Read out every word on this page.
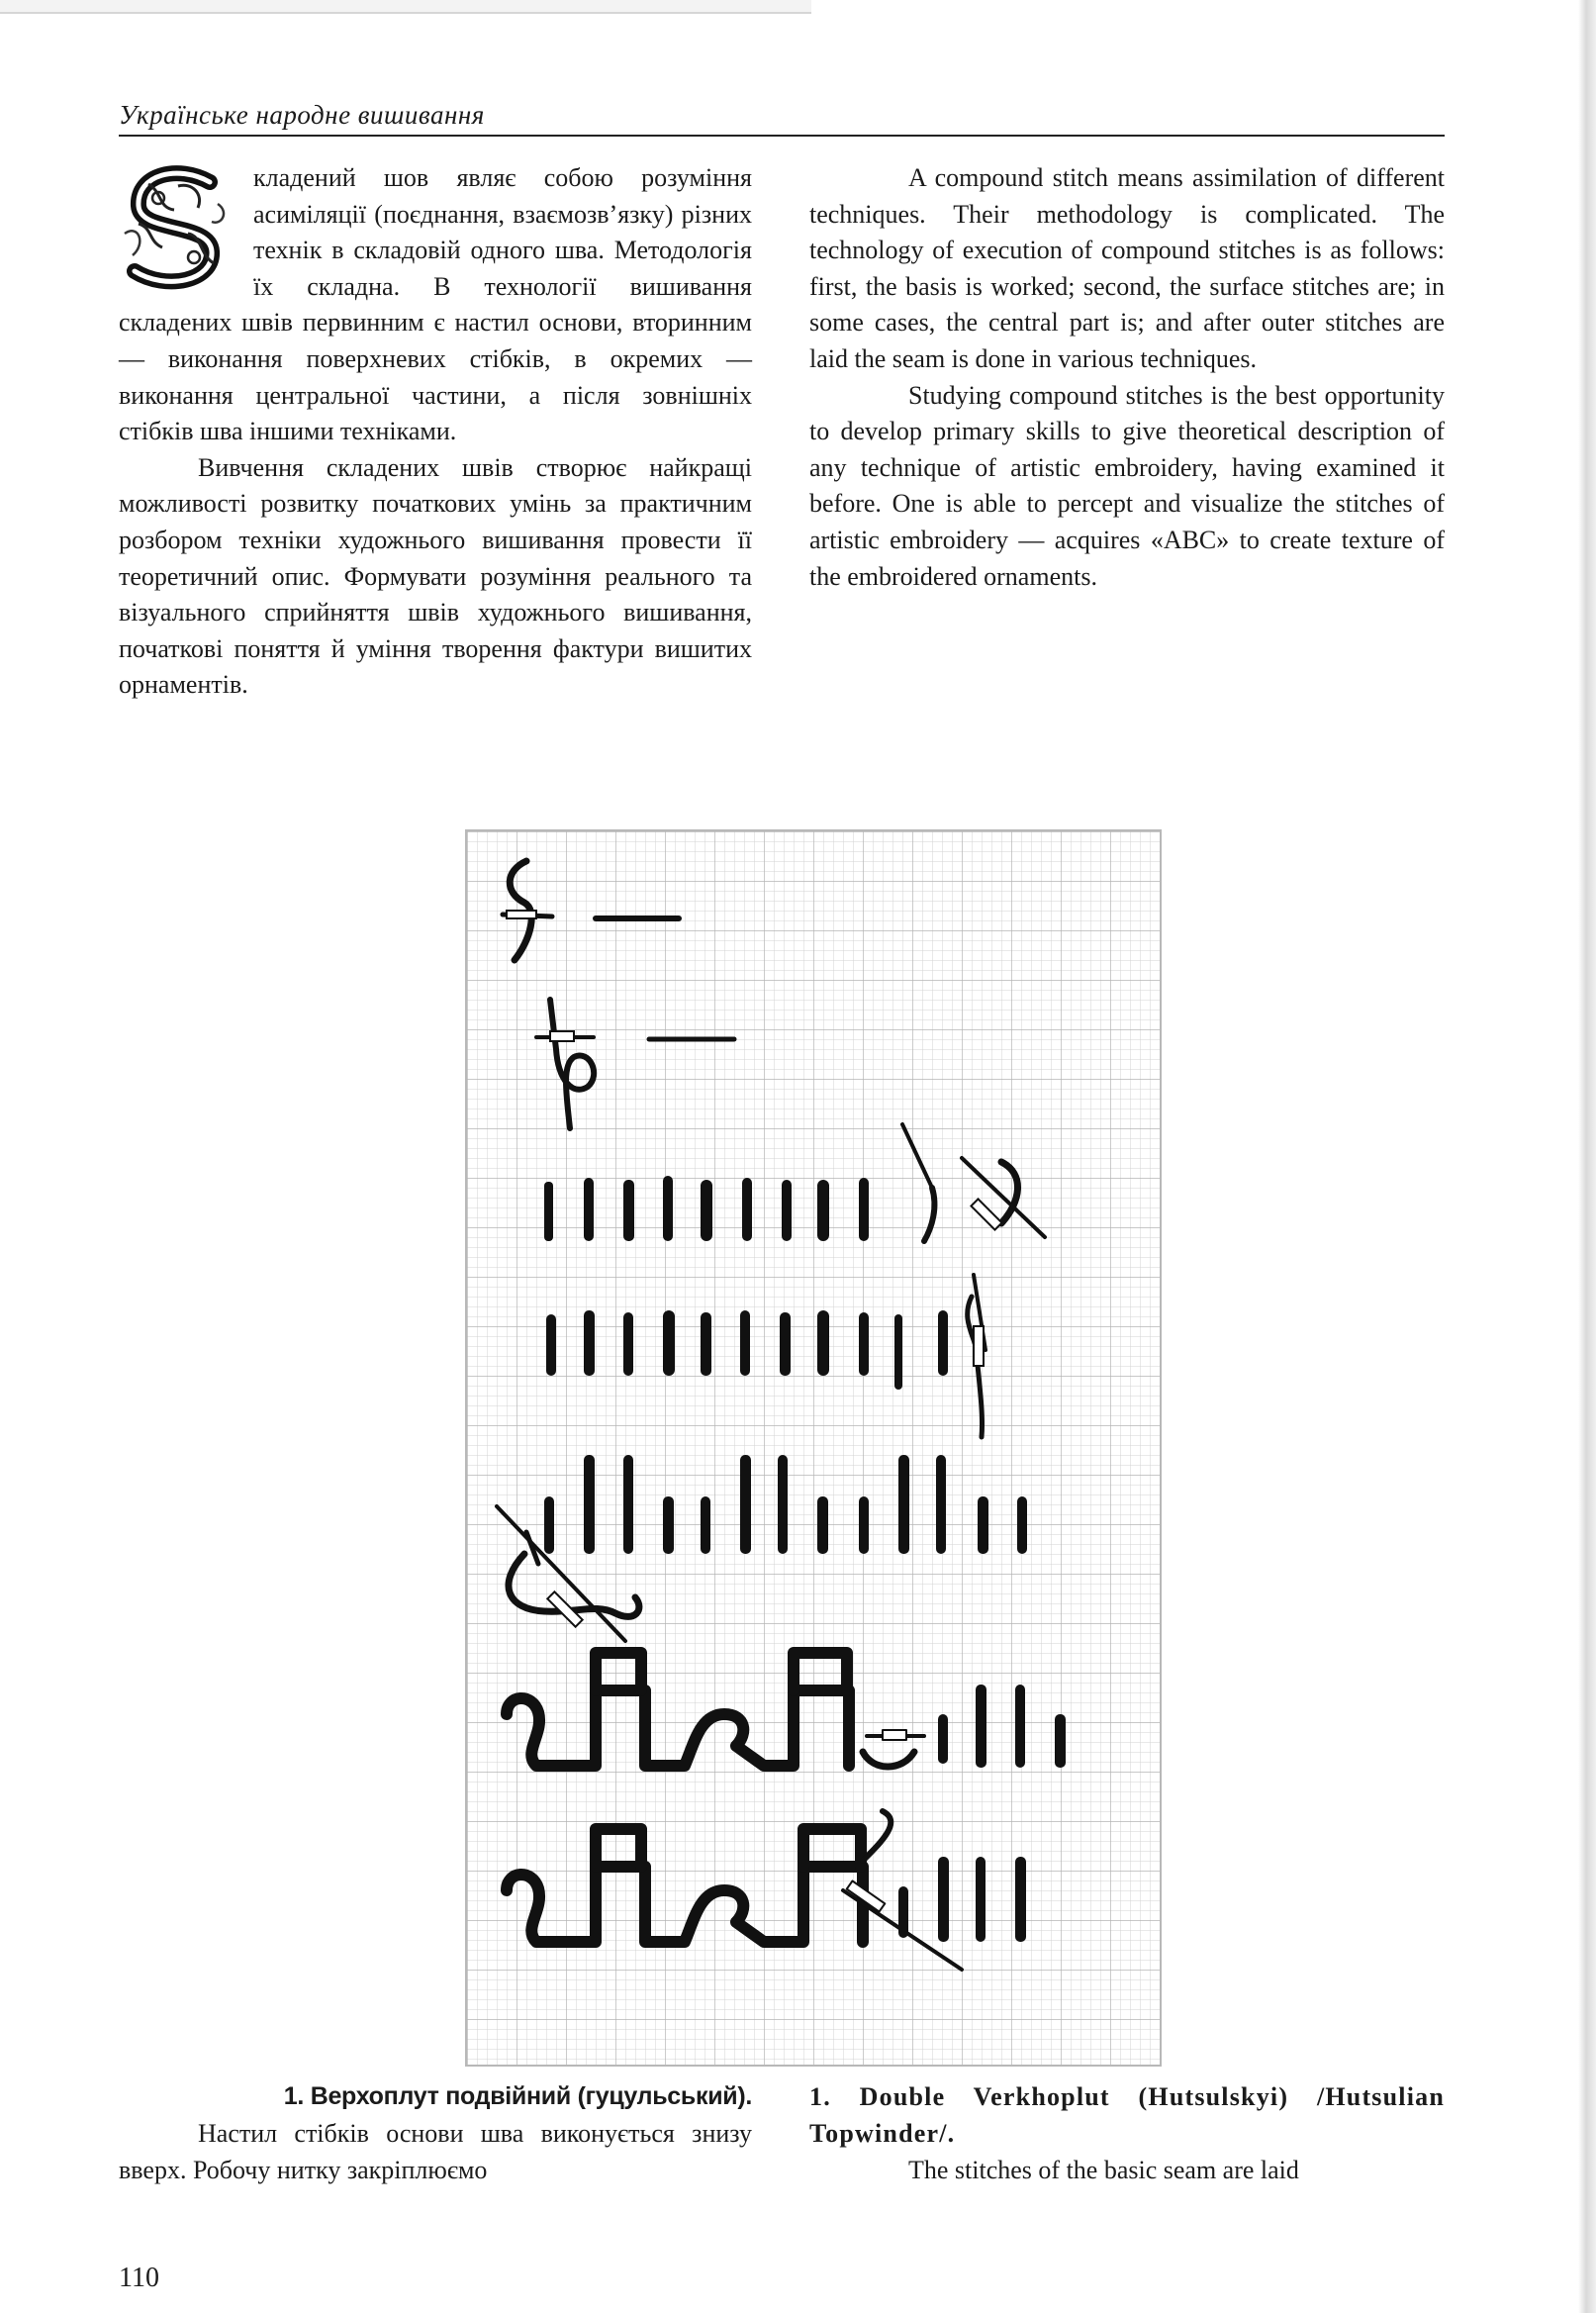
Українське народне вишивання

кладений шов являє собою розуміння асиміляції (поєднання, взаємозв’язку) різних технік в складовій одного шва. Методологія їх складна. В технології вишивання складених швів первинним є настил основи, вторинним — виконання поверхневих стібків, в окремих — виконання центральної частини, а після зовнішніх стібків шва іншими техніками.

Вивчення складених швів створює найкращі можливості розвитку початкових умінь за практичним розбором техніки художнього вишивання провести її теоретичний опис. Формувати розуміння реального та візуального сприйняття швів художнього вишивання, початкові поняття й уміння творення фактури вишитих орнаментів.

A compound stitch means assimilation of different techniques. Their methodology is complicated. The technology of execution of compound stitches is as follows: first, the basis is worked; second, the surface stitches are; in some cases, the central part is; and after outer stitches are laid the seam is done in various techniques.

Studying compound stitches is the best opportunity to develop primary skills to give theoretical description of any technique of artistic embroidery, having examined it before. One is able to percept and visualize the stitches of artistic embroidery — acquires «ABC» to create texture of the embroidered ornaments.

1. Верхоплут подвійний (гуцульський).
Настил стібків основи шва виконується знизу вверх. Робочу нитку закріплюємо
1. Double Verkhoplut (Hutsulskyi) /Hutsulian Topwinder/.
The stitches of the basic seam are laid
110
